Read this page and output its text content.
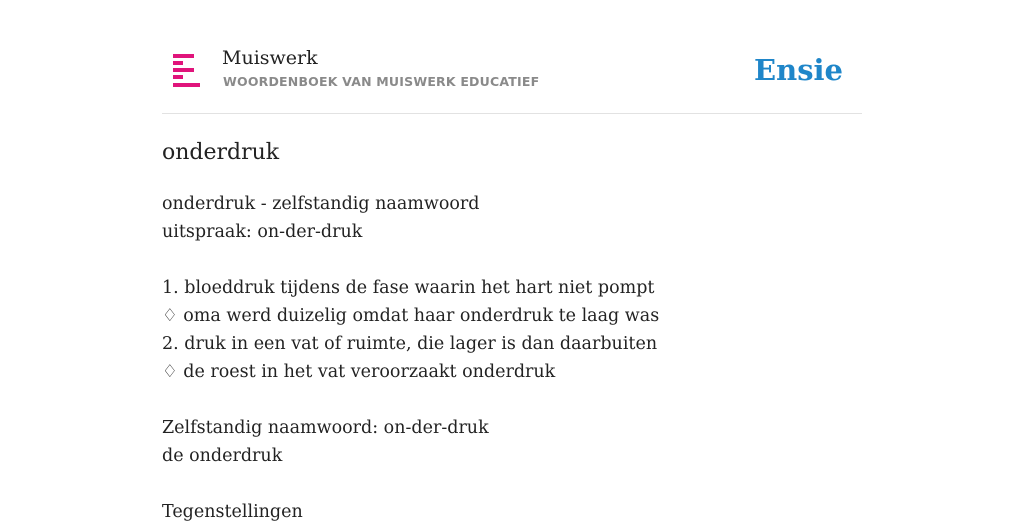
Muiswerk
WOORDENBOEK VAN MUISWERK EDUCATIEF	Ensie
onderdruk
onderdruk - zelfstandig naamwoord
uitspraak: on-der-druk
1. bloeddruk tijdens de fase waarin het hart niet pompt
♢ oma werd duizelig omdat haar onderdruk te laag was
2. druk in een vat of ruimte, die lager is dan daarbuiten
♢ de roest in het vat veroorzaakt onderdruk
Zelfstandig naamwoord: on-der-druk
de onderdruk
Tegenstellingen
